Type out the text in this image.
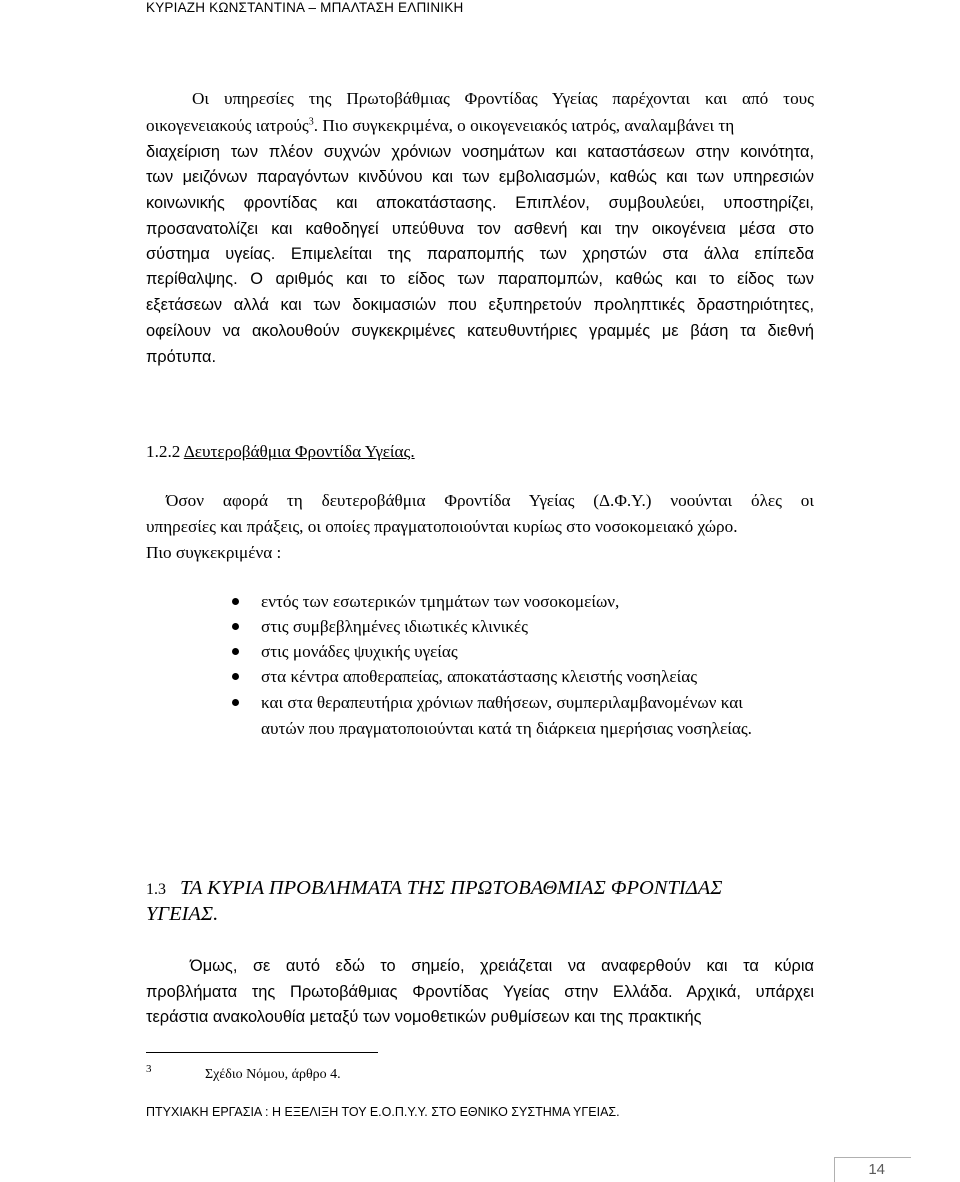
ΚΥΡΙΑΖΗ ΚΩΝΣΤΑΝΤΙΝΑ – ΜΠΑΛΤΑΣΗ ΕΛΠΙΝΙΚΗ
Οι υπηρεσίες της Πρωτοβάθμιας Φροντίδας Υγείας παρέχονται και από τους
οικογενειακούς ιατρούς$^3$. Πιο συγκεκριμένα, ο οικογενειακός ιατρός, αναλαμβάνει τη
διαχείριση των πλέον συχνών χρόνιων νοσημάτων και καταστάσεων στην κοινότητα,
των μειζόνων παραγόντων κινδύνου και των εμβολιασμών, καθώς και των υπηρεσιών
κοινωνικής φροντίδας και αποκατάστασης. Επιπλέον, συμβουλεύει, υποστηρίζει,
προσανατολίζει και καθοδηγεί υπεύθυνα τον ασθενή και την οικογένεια μέσα στο
σύστημα υγείας. Επιμελείται της παραπομπής των χρηστών στα άλλα επίπεδα
περίθαλψης. Ο αριθμός και το είδος των παραπομπών, καθώς και το είδος των
εξετάσεων αλλά και των δοκιμασιών που εξυπηρετούν προληπτικές δραστηριότητες,
οφείλουν να ακολουθούν συγκεκριμένες κατευθυντήριες γραμμές με βάση τα διεθνή
πρότυπα.
1.2.2 Δευτεροβάθμια Φροντίδα Υγείας.
Όσον αφορά τη δευτεροβάθμια Φροντίδα Υγείας (Δ.Φ.Υ.) νοούνται όλες οι
υπηρεσίες και πράξεις, οι οποίες πραγματοποιούνται κυρίως στο νοσοκομειακό χώρο.
Πιο συγκεκριμένα :
εντός των εσωτερικών τμημάτων των νοσοκομείων,
στις συμβεβλημένες ιδιωτικές κλινικές
στις μονάδες ψυχικής υγείας
στα κέντρα αποθεραπείας, αποκατάστασης κλειστής νοσηλείας
και στα θεραπευτήρια χρόνιων παθήσεων, συμπεριλαμβανομένων και
αυτών που πραγματοποιούνται κατά τη διάρκεια ημερήσιας νοσηλείας.
1.3 ΤΑ ΚΥΡΙΑ ΠΡΟΒΛΗΜΑΤΑ ΤΗΣ ΠΡΩΤΟΒΑΘΜΙΑΣ ΦΡΟΝΤΙΔΑΣ
ΥΓΕΙΑΣ.
Όμως, σε αυτό εδώ το σημείο, χρειάζεται να αναφερθούν και τα κύρια
προβλήματα της Πρωτοβάθμιας Φροντίδας Υγείας στην Ελλάδα. Αρχικά, υπάρχει
τεράστια ανακολουθία μεταξύ των νομοθετικών ρυθμίσεων και της πρακτικής
3	Σχέδιο Νόμου, άρθρο 4.
ΠΤΥΧΙΑΚΗ ΕΡΓΑΣΙΑ : Η ΕΞΕΛΙΞΗ ΤΟΥ Ε.Ο.Π.Υ.Υ. ΣΤΟ ΕΘΝΙΚΟ ΣΥΣΤΗΜΑ ΥΓΕΙΑΣ.
14
